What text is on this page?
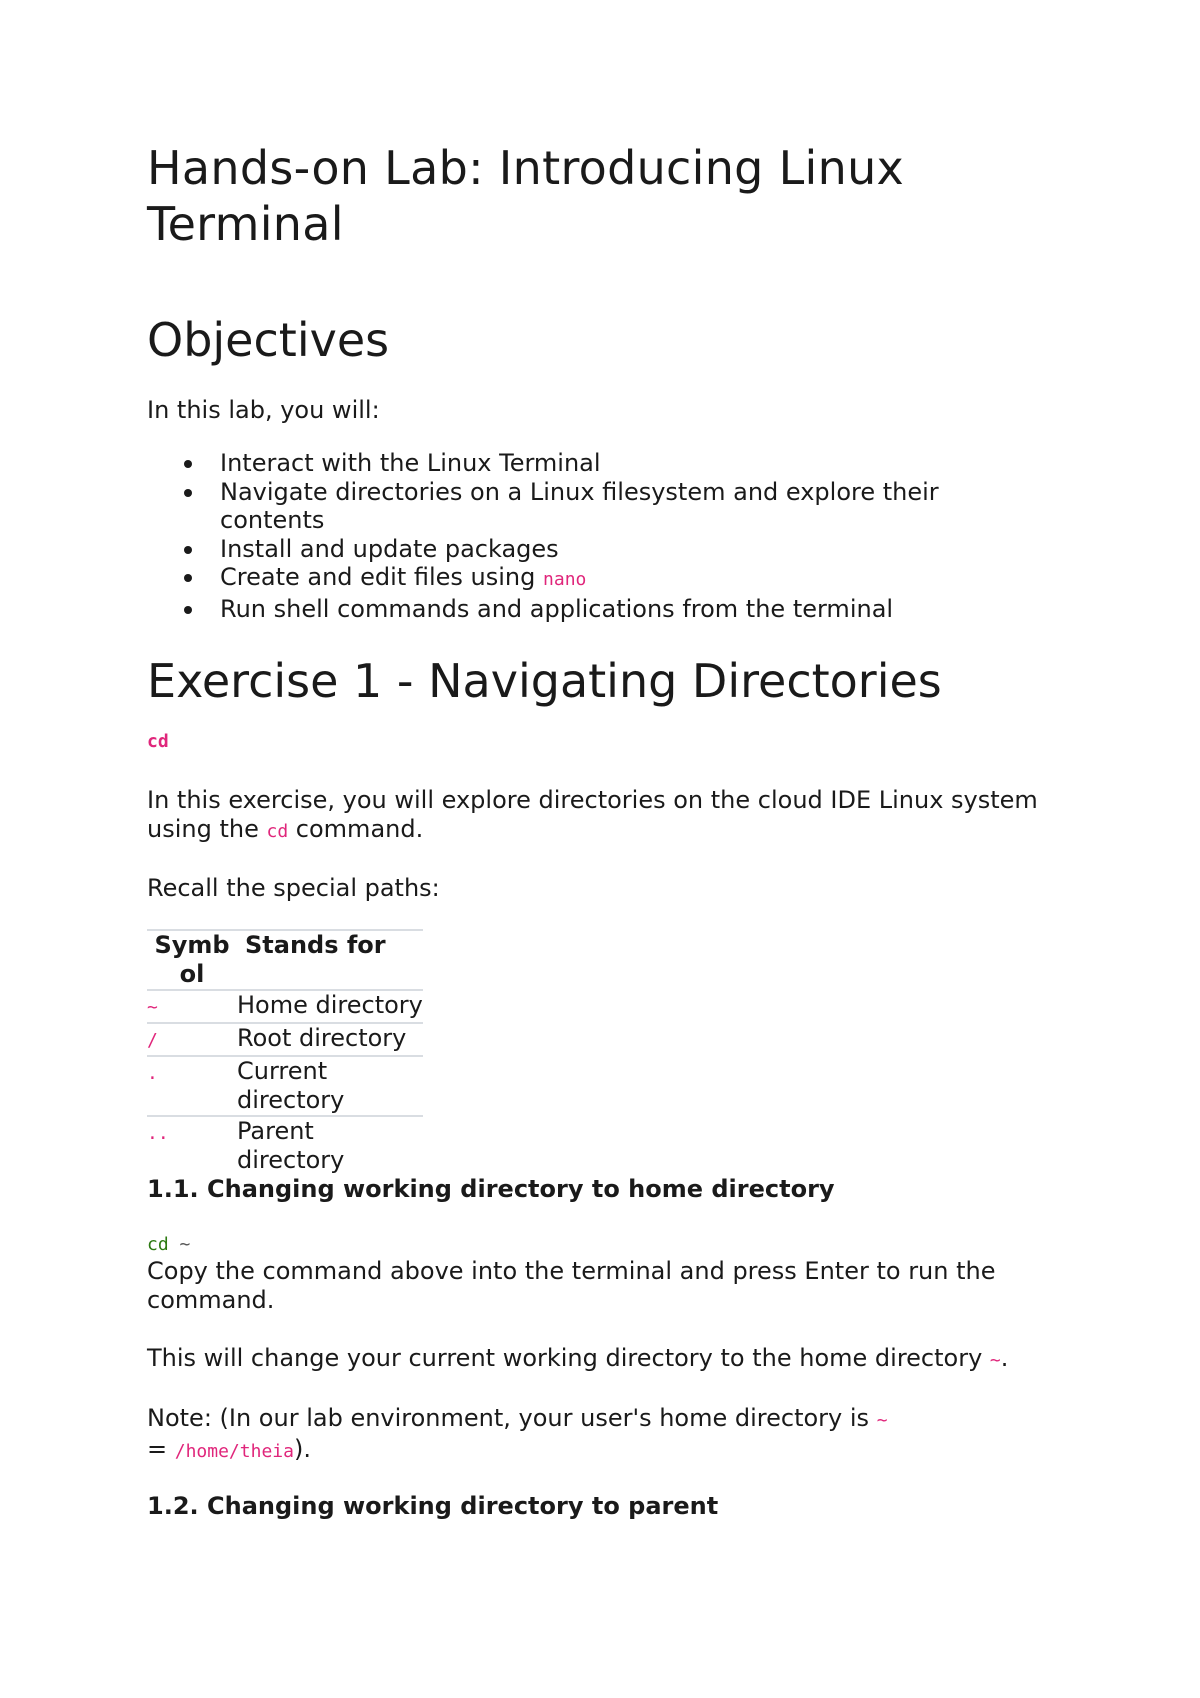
Hands-on Lab: Introducing Linux Terminal
Objectives

In this lab, you will:

Interact with the Linux Terminal
Navigate directories on a Linux filesystem and explore their contents
Install and update packages
Create and edit files using nano
Run shell commands and applications from the terminal
Exercise 1 - Navigating Directories

cd

In this exercise, you will explore directories on the cloud IDE Linux system using the cd command.

Recall the special paths:

Symb
ol	Stands for
~	Home directory
/	Root directory
.	Current directory
..	Parent directory

1.1. Changing working directory to home directory

cd ~

Copy the command above into the terminal and press Enter to run the command.

This will change your current working directory to the home directory ~.

Note: (In our lab environment, your user's home directory is ~ = /home/theia).

1.2. Changing working directory to parent
